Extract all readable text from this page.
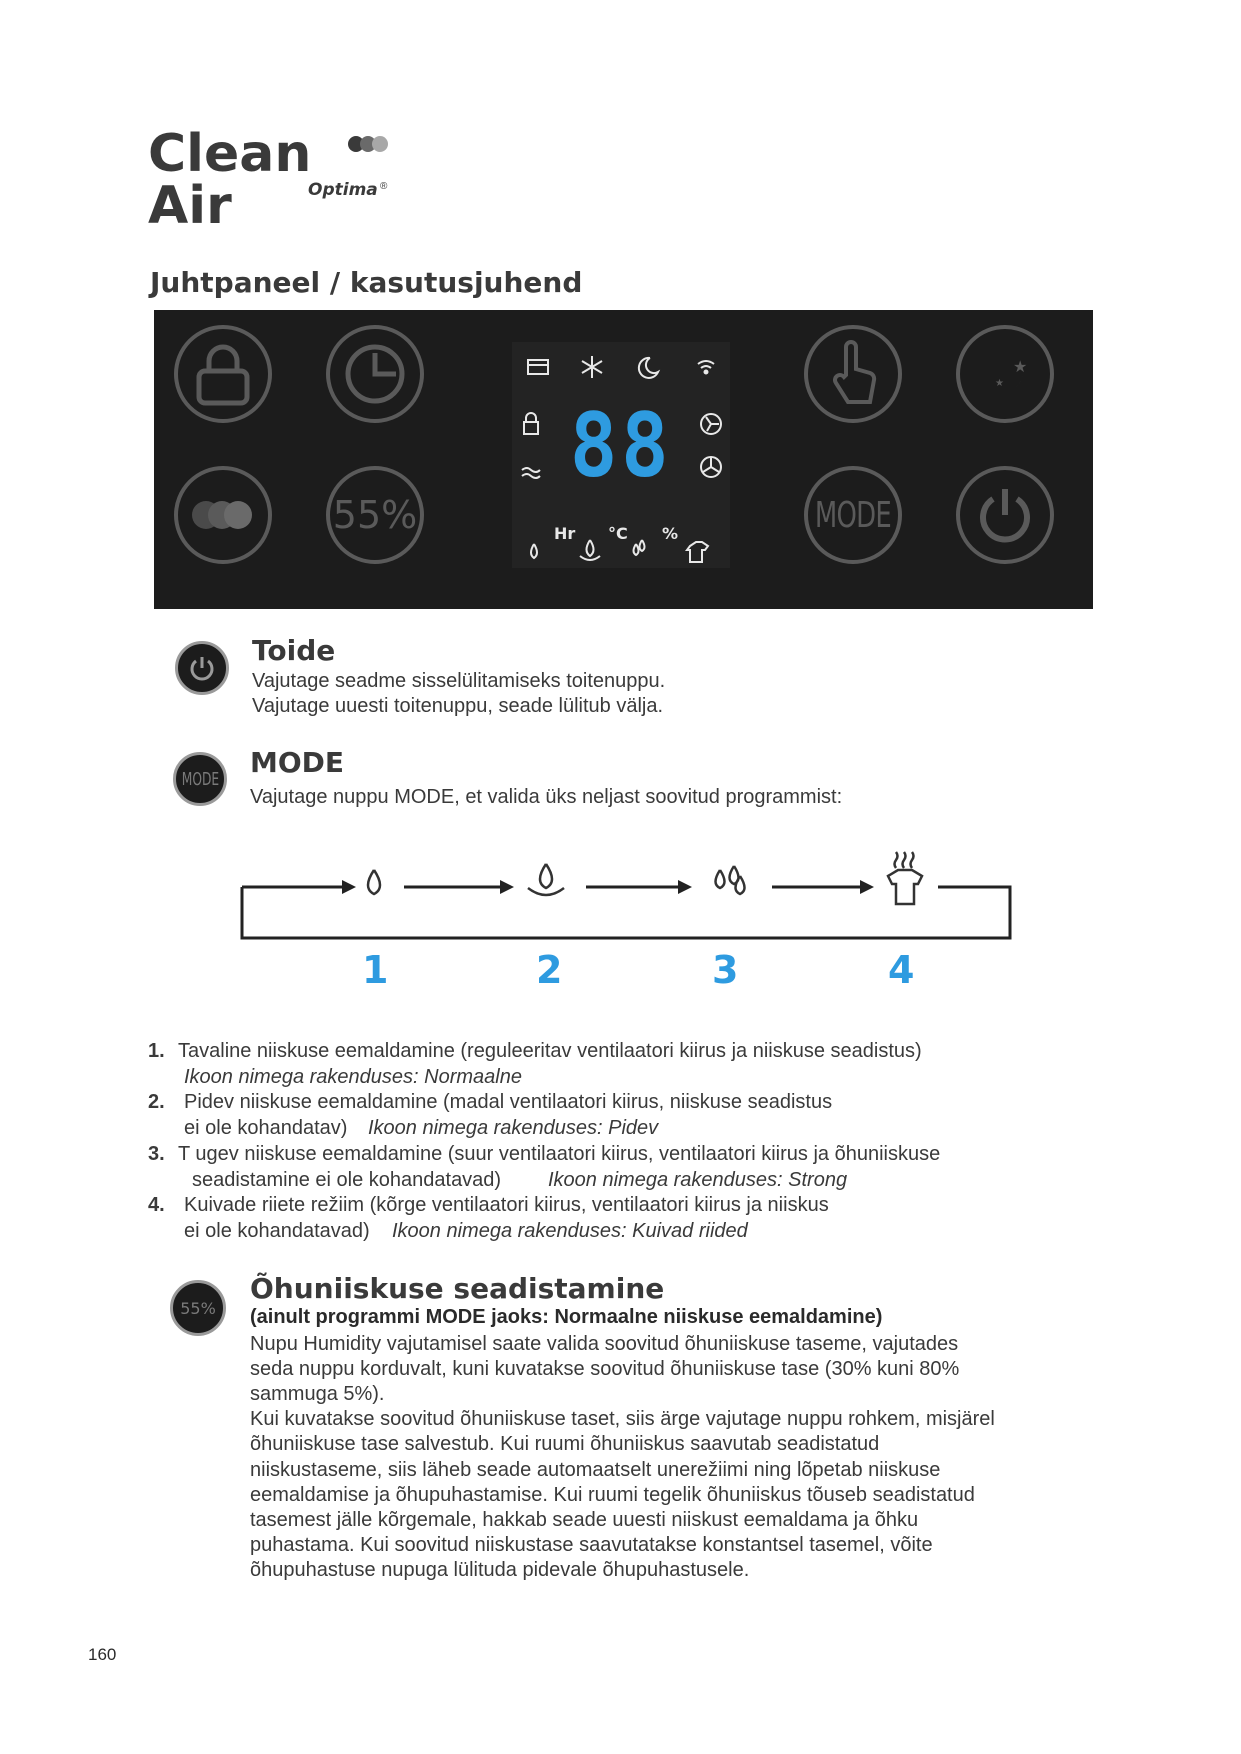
Clean Air	Optima ®
Juhtpaneel / kasutusjuhend
55%
88
Hr °C %
★
★
MODE
Toide
Vajutage seadme sisselülitamiseks toitenuppu.
Vajutage uuesti toitenuppu, seade lülitub välja.
MODE MODE
Vajutage nuppu MODE, et valida üks neljast soovitud programmist:
1	2	3	4
1. Tavaline niiskuse eemaldamine (reguleeritav ventilaatori kiirus ja niiskuse seadistus)
Ikoon nimega rakenduses: Normaalne
2. Pidev niiskuse eemaldamine (madal ventilaatori kiirus, niiskuse seadistus
ei ole kohandatav) Ikoon nimega rakenduses: Pidev
3. T ugev niiskuse eemaldamine (suur ventilaatori kiirus, ventilaatori kiirus ja õhuniiskuse
seadistamine ei ole kohandatavad) Ikoon nimega rakenduses: Strong
4. Kuivade riiete režiim (kõrge ventilaatori kiirus, ventilaatori kiirus ja niiskus
ei ole kohandatavad) Ikoon nimega rakenduses: Kuivad riided
55%
Õhuniiskuse seadistamine
(ainult programmi MODE jaoks: Normaalne niiskuse eemaldamine)
Nupu Humidity vajutamisel saate valida soovitud õhuniiskuse taseme, vajutades
seda nuppu korduvalt, kuni kuvatakse soovitud õhuniiskuse tase (30% kuni 80%
sammuga 5%).
Kui kuvatakse soovitud õhuniiskuse taset, siis ärge vajutage nuppu rohkem, misjärel
õhuniiskuse tase salvestub. Kui ruumi õhuniiskus saavutab seadistatud
niiskustaseme, siis läheb seade automaatselt unerežiimi ning lõpetab niiskuse
eemaldamise ja õhupuhastamise. Kui ruumi tegelik õhuniiskus tõuseb seadistatud
tasemest jälle kõrgemale, hakkab seade uuesti niiskust eemaldama ja õhku
puhastama. Kui soovitud niiskustase saavutatakse konstantsel tasemel, võite
õhupuhastuse nupuga lülituda pidevale õhupuhastusele.
160
